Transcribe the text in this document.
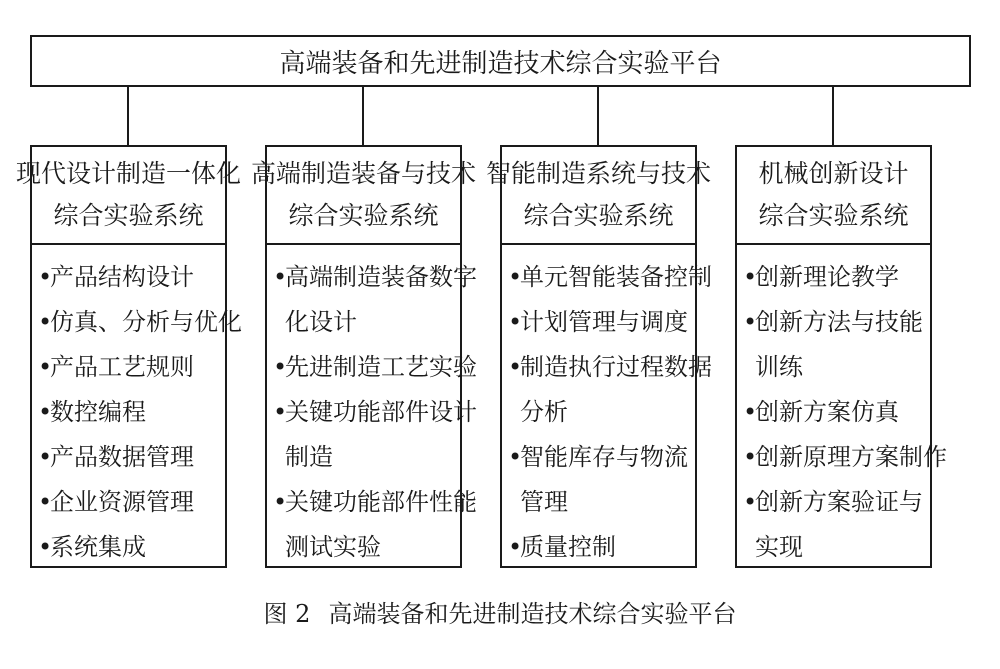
高端装备和先进制造技术综合实验平台
现代设计制造一体化
综合实验系统
•
产品结构设计
•
仿真、分析与优化
•
产品工艺规则
•
数控编程
•
产品数据管理
•
企业资源管理
•
系统集成
高端制造装备与技术
综合实验系统
•
高端制造装备数字
化设计
•
先进制造工艺实验
•
关键功能部件设计
制造
•
关键功能部件性能
测试实验
智能制造系统与技术
综合实验系统
•
单元智能装备控制
•
计划管理与调度
•
制造执行过程数据
分析
•
智能库存与物流
管理
•
质量控制
机械创新设计
综合实验系统
•
创新理论教学
•
创新方法与技能
训练
•
创新方案仿真
•
创新原理方案制作
•
创新方案验证与
实现
图 2 高端装备和先进制造技术综合实验平台
